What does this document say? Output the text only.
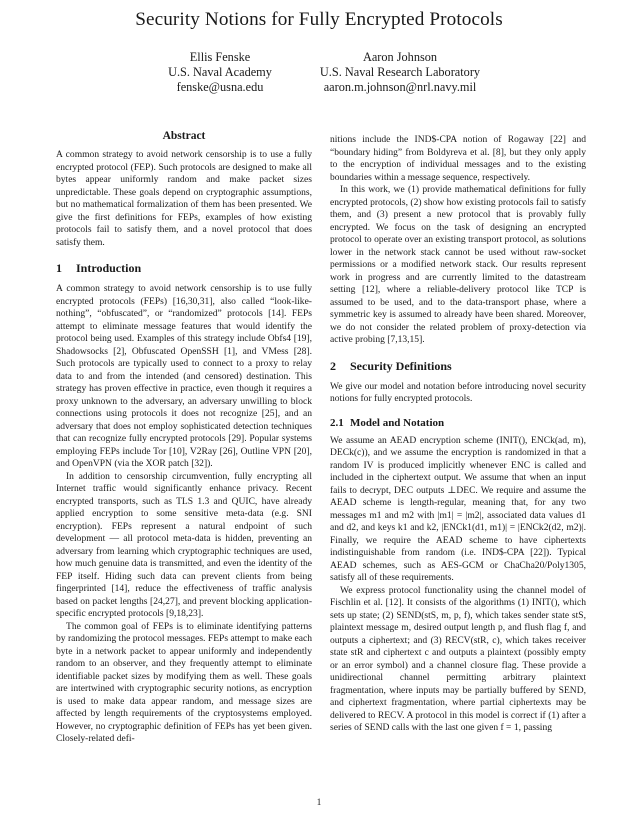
Security Notions for Fully Encrypted Protocols
Ellis Fenske
U.S. Naval Academy
fenske@usna.edu
Aaron Johnson
U.S. Naval Research Laboratory
aaron.m.johnson@nrl.navy.mil
Abstract

A common strategy to avoid network censorship is to use a fully encrypted protocol (FEP). Such protocols are designed to make all bytes appear uniformly random and make packet sizes unpredictable. These goals depend on cryptographic assumptions, but no mathematical formalization of them has been presented. We give the first definitions for FEPs, examples of how existing protocols fail to satisfy them, and a novel protocol that does satisfy them.

1 Introduction

A common strategy to avoid network censorship is to use fully encrypted protocols (FEPs) [16,30,31], also called “look-like-nothing”, “obfuscated”, or “randomized” protocols [14]. FEPs attempt to eliminate message features that would identify the protocol being used. Examples of this strategy include Obfs4 [19], Shadowsocks [2], Obfuscated OpenSSH [1], and VMess [28]. Such protocols are typically used to connect to a proxy to relay data to and from the intended (and censored) destination. This strategy has proven effective in practice, even though it requires a proxy unknown to the adversary, an adversary unwilling to block connections using protocols it does not recognize [25], and an adversary that does not employ sophisticated detection techniques that can recognize fully encrypted protocols [29]. Popular systems employing FEPs include Tor [10], V2Ray [26], Outline VPN [20], and OpenVPN (via the XOR patch [32]).

In addition to censorship circumvention, fully encrypting all Internet traffic would significantly enhance privacy. Recent encrypted transports, such as TLS 1.3 and QUIC, have already applied encryption to some sensitive meta-data (e.g. SNI encryption). FEPs represent a natural endpoint of such development — all protocol meta-data is hidden, preventing an adversary from learning which cryptographic techniques are used, how much genuine data is transmitted, and even the identity of the FEP itself. Hiding such data can prevent clients from being fingerprinted [14], reduce the effectiveness of traffic analysis based on packet lengths [24,27], and prevent blocking application-specific encrypted protocols [9,18,23].

The common goal of FEPs is to eliminate identifying patterns by randomizing the protocol messages. FEPs attempt to make each byte in a network packet to appear uniformly and independently random to an observer, and they frequently attempt to eliminate identifiable packet sizes by modifying them as well. These goals are intertwined with cryptographic security notions, as encryption is used to make data appear random, and message sizes are affected by length requirements of the cryptosystems employed. However, no cryptographic definition of FEPs has yet been given. Closely-related defi-

nitions include the IND$-CPA notion of Rogaway [22] and “boundary hiding” from Boldyreva et al. [8], but they only apply to the encryption of individual messages and to the existing boundaries within a message sequence, respectively.

In this work, we (1) provide mathematical definitions for fully encrypted protocols, (2) show how existing protocols fail to satisfy them, and (3) present a new protocol that is provably fully encrypted. We focus on the task of designing an encrypted protocol to operate over an existing transport protocol, as solutions lower in the network stack cannot be used without raw-socket permissions or a modified network stack. Our results represent work in progress and are currently limited to the datastream setting [12], where a reliable-delivery protocol like TCP is assumed to be used, and to the data-transport phase, where a symmetric key is assumed to already have been shared. Moreover, we do not consider the related problem of proxy-detection via active probing [7,13,15].

2 Security Definitions

We give our model and notation before introducing novel security notions for fully encrypted protocols.

2.1 Model and Notation

We assume an AEAD encryption scheme (INIT(), ENCk(ad, m), DECk(c)), and we assume the encryption is randomized in that a random IV is produced implicitly whenever ENC is called and included in the ciphertext output. We assume that when an input fails to decrypt, DEC outputs ⊥DEC. We require and assume the AEAD scheme is length-regular, meaning that, for any two messages m1 and m2 with |m1| = |m2|, associated data values d1 and d2, and keys k1 and k2, |ENCk1(d1, m1)| = |ENCk2(d2, m2)|. Finally, we require the AEAD scheme to have ciphertexts indistinguishable from random (i.e. IND$-CPA [22]). Typical AEAD schemes, such as AES-GCM or ChaCha20/Poly1305, satisfy all of these requirements.

We express protocol functionality using the channel model of Fischlin et al. [12]. It consists of the algorithms (1) INIT(), which sets up state; (2) SEND(stS, m, p, f), which takes sender state stS, plaintext message m, desired output length p, and flush flag f, and outputs a ciphertext; and (3) RECV(stR, c), which takes receiver state stR and ciphertext c and outputs a plaintext (possibly empty or an error symbol) and a channel closure flag. These provide a unidirectional channel permitting arbitrary plaintext fragmentation, where inputs may be partially buffered by SEND, and ciphertext fragmentation, where partial ciphertexts may be delivered to RECV. A protocol in this model is correct if (1) after a series of SEND calls with the last one given f = 1, passing

1
